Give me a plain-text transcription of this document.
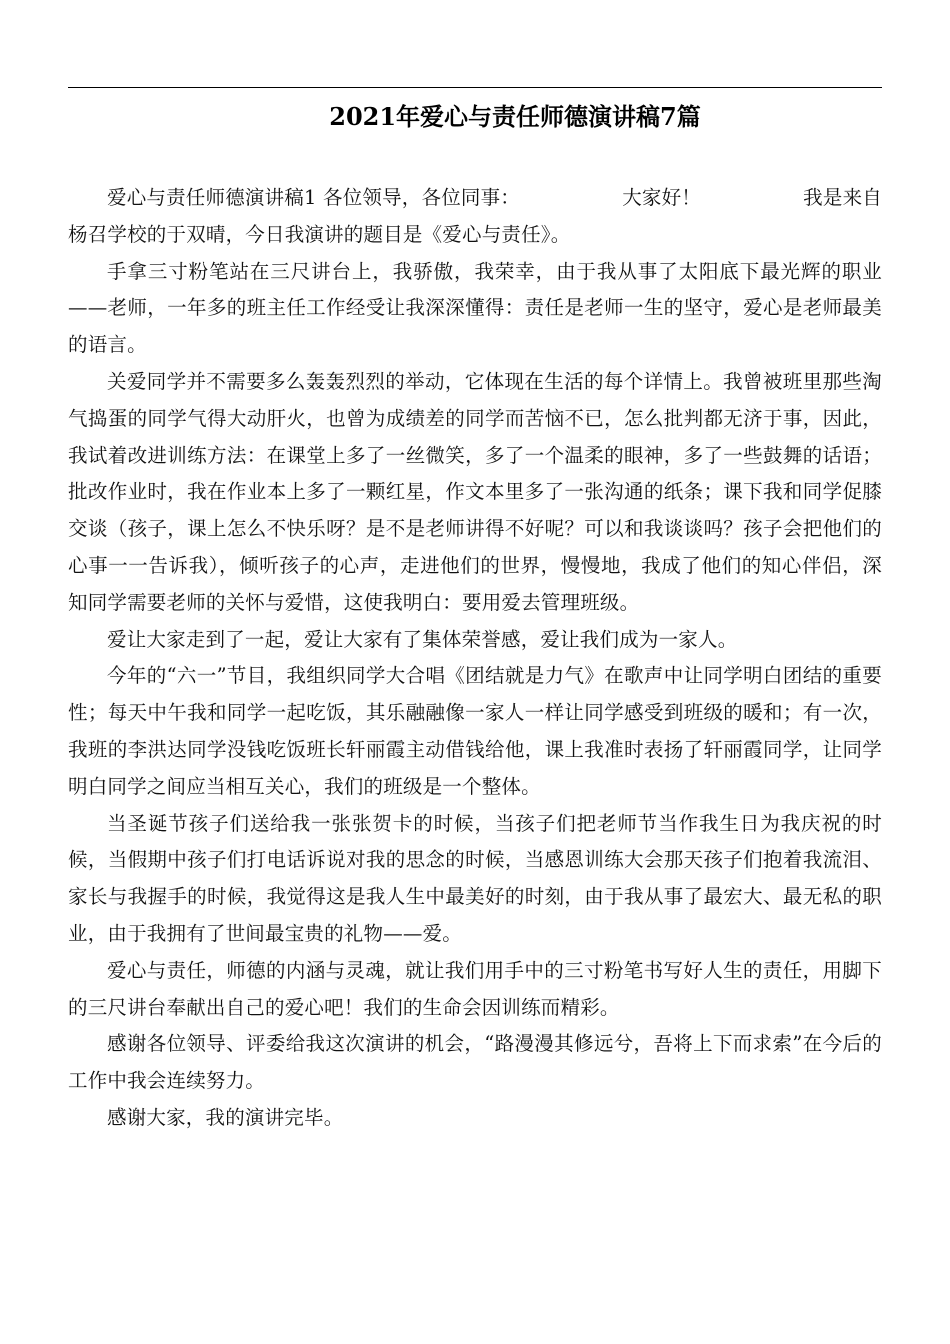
2021年爱心与责任师德演讲稿7篇
爱心与责任师德演讲稿1 各位领导，各位同事：	大家好！	我是来自

杨召学校的于双晴，今日我演讲的题目是《爱心与责任》。

手拿三寸粉笔站在三尺讲台上，我骄傲，我荣幸，由于我从事了太阳底下最光辉的职业——老师，一年多的班主任工作经受让我深深懂得：责任是老师一生的坚守，爱心是老师最美的语言。

关爱同学并不需要多么轰轰烈烈的举动，它体现在生活的每个详情上。我曾被班里那些淘气捣蛋的同学气得大动肝火，也曾为成绩差的同学而苦恼不已，怎么批判都无济于事，因此，我试着改进训练方法：在课堂上多了一丝微笑，多了一个温柔的眼神，多了一些鼓舞的话语；批改作业时，我在作业本上多了一颗红星，作文本里多了一张沟通的纸条；课下我和同学促膝交谈（孩子，课上怎么不快乐呀？是不是老师讲得不好呢？可以和我谈谈吗？孩子会把他们的心事一一告诉我），倾听孩子的心声，走进他们的世界，慢慢地，我成了他们的知心伴侣，深知同学需要老师的关怀与爱惜，这使我明白：要用爱去管理班级。

爱让大家走到了一起，爱让大家有了集体荣誉感，爱让我们成为一家人。

今年的“六一”节目，我组织同学大合唱《团结就是力气》在歌声中让同学明白团结的重要性；每天中午我和同学一起吃饭，其乐融融像一家人一样让同学感受到班级的暖和；有一次，我班的李洪达同学没钱吃饭班长轩丽霞主动借钱给他，课上我准时表扬了轩丽霞同学，让同学明白同学之间应当相互关心，我们的班级是一个整体。

当圣诞节孩子们送给我一张张贺卡的时候，当孩子们把老师节当作我生日为我庆祝的时候，当假期中孩子们打电话诉说对我的思念的时候，当感恩训练大会那天孩子们抱着我流泪、家长与我握手的时候，我觉得这是我人生中最美好的时刻，由于我从事了最宏大、最无私的职业，由于我拥有了世间最宝贵的礼物——爱。

爱心与责任，师德的内涵与灵魂，就让我们用手中的三寸粉笔书写好人生的责任，用脚下的三尺讲台奉献出自己的爱心吧！我们的生命会因训练而精彩。

感谢各位领导、评委给我这次演讲的机会，“路漫漫其修远兮，吾将上下而求索”在今后的工作中我会连续努力。

感谢大家，我的演讲完毕。
